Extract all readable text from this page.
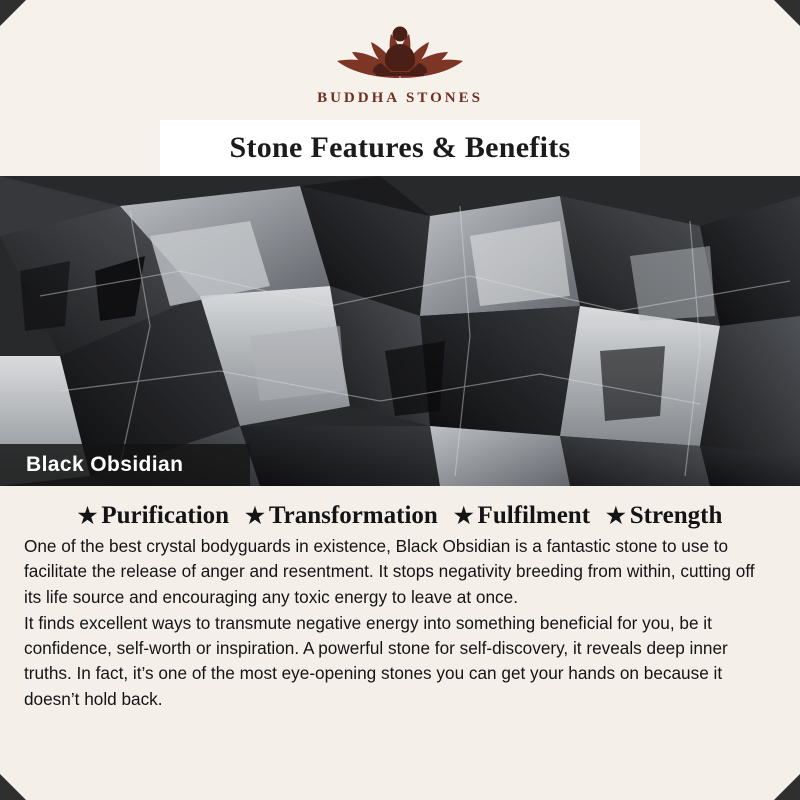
BUDDHA STONES
Stone Features & Benefits
Black Obsidian
★ Purification ★ Transformation ★ Fulfilment ★ Strength

One of the best crystal bodyguards in existence, Black Obsidian is a fantastic stone to use to facilitate the release of anger and resentment. It stops negativity breeding from within, cutting off its life source and encouraging any toxic energy to leave at once.

It finds excellent ways to transmute negative energy into something beneficial for you, be it confidence, self-worth or inspiration. A powerful stone for self-discovery, it reveals deep inner truths. In fact, it’s one of the most eye-opening stones you can get your hands on because it doesn’t hold back.
